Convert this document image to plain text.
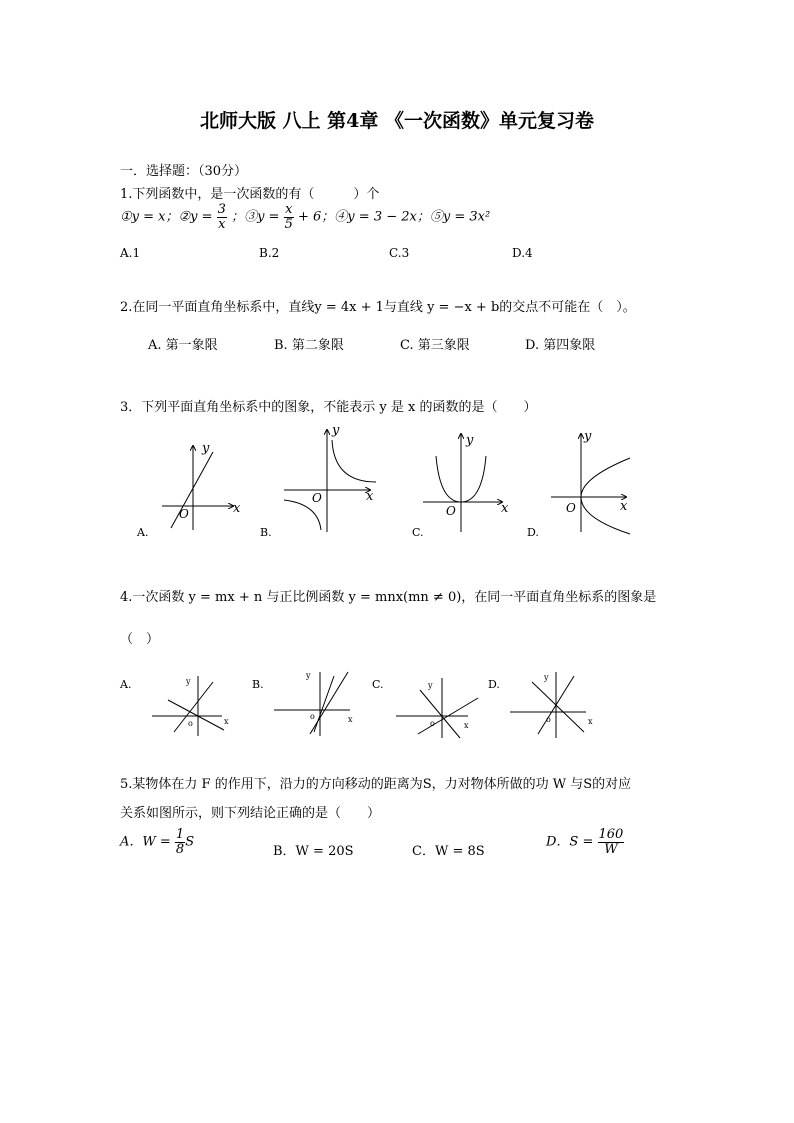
北师大版 八上 第4章 《一次函数》单元复习卷
一．选择题：（30分）
1.下列函数中，是一次函数的有（　　　）个
①y = x；②y = $\frac{3}{x}$ ；③y = $\frac{x}{5} + 6$；④y = 3 − 2x；⑤y = 3x²
A.1	B.2	C.3	D.4
2.在同一平面直角坐标系中，直线y = 4x + 1与直线 y = −x + b的交点不可能在（　）。
A. 第一象限	B. 第二象限	C. 第三象限	D. 第四象限
3．下列平面直角坐标系中的图象，不能表示 y 是 x 的函数的是（　　）
y
x
O
A.
y
x
O
B.
y
x
O
C.
y
x
O
D.
4.一次函数 y = mx + n 与正比例函数 y = mnx(mn ≠ 0)，在同一平面直角坐标系的图象是
（　）
A.	y
x
o
B.
y
x
o
C.	y
x
o
D.
y
x
o
5.某物体在力 F 的作用下，沿力的方向移动的距离为S，力对物体所做的功 W 与S的对应
关系如图所示，则下列结论正确的是（　　）
A．$W = \frac{1}{8}$ S
B．W = 20S	C．W = 8S
D．$S = \frac{160}{W}$
